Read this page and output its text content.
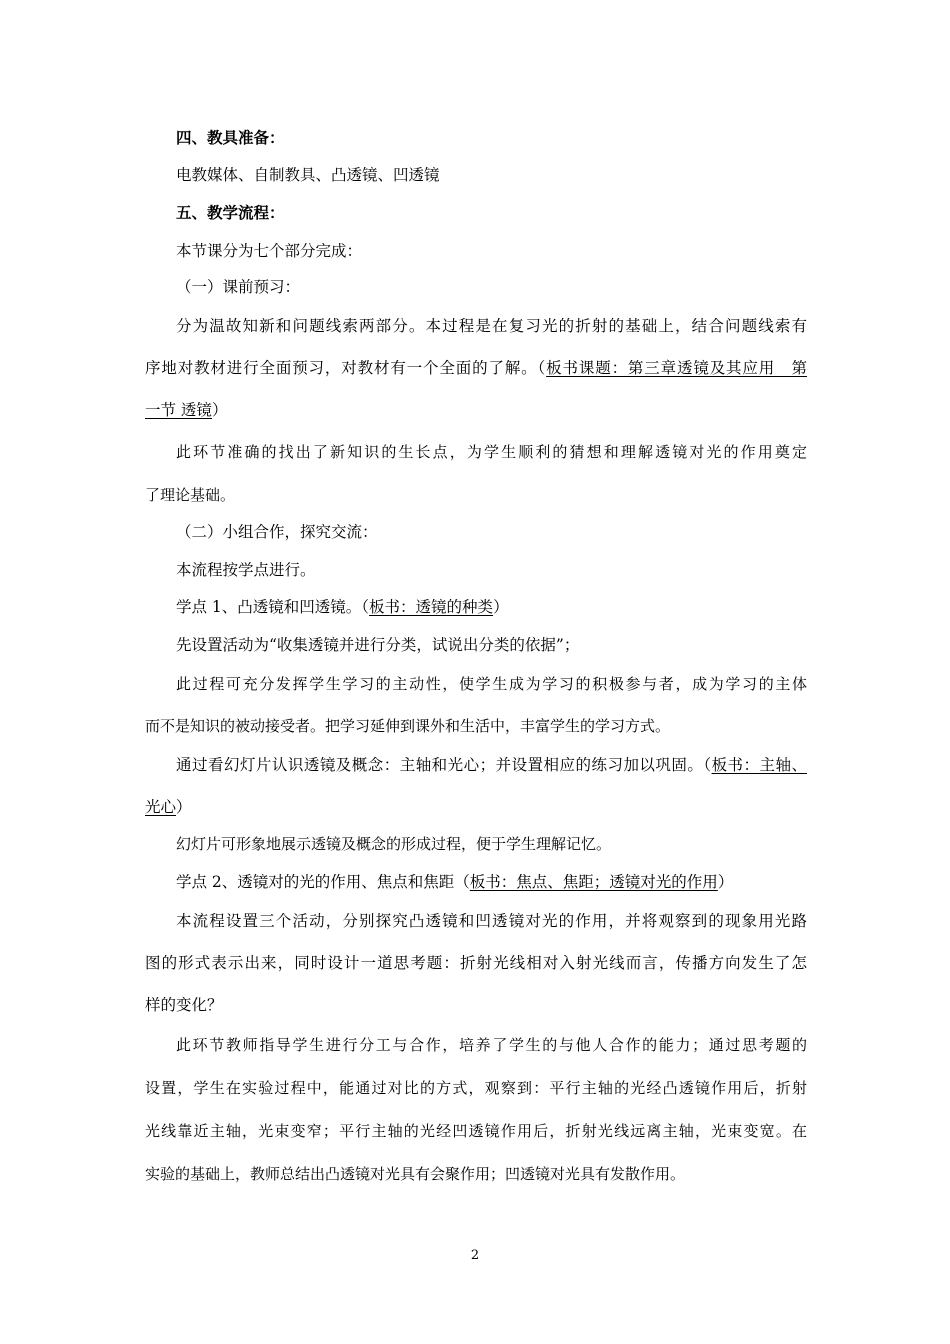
四、教具准备：
电教媒体、自制教具、凸透镜、凹透镜
五、教学流程：
本节课分为七个部分完成：
（一）课前预习：
分为温故知新和问题线索两部分。本过程是在复习光的折射的基础上，结合问题线索有
序地对教材进行全面预习，对教材有一个全面的了解。（板书课题：第三章透镜及其应用　第
一节 透镜）
此环节准确的找出了新知识的生长点，为学生顺利的猜想和理解透镜对光的作用奠定
了理论基础。
（二）小组合作，探究交流：
本流程按学点进行。
学点 1、凸透镜和凹透镜。（板书：透镜的种类）
先设置活动为“收集透镜并进行分类，试说出分类的依据”；
此过程可充分发挥学生学习的主动性，使学生成为学习的积极参与者，成为学习的主体
而不是知识的被动接受者。把学习延伸到课外和生活中，丰富学生的学习方式。
通过看幻灯片认识透镜及概念：主轴和光心；并设置相应的练习加以巩固。（板书：主轴、
光心）
幻灯片可形象地展示透镜及概念的形成过程，便于学生理解记忆。
学点 2、透镜对的光的作用、焦点和焦距（板书：焦点、焦距；透镜对光的作用）
本流程设置三个活动，分别探究凸透镜和凹透镜对光的作用，并将观察到的现象用光路
图的形式表示出来，同时设计一道思考题：折射光线相对入射光线而言，传播方向发生了怎
样的变化？
此环节教师指导学生进行分工与合作，培养了学生的与他人合作的能力；通过思考题的
设置，学生在实验过程中，能通过对比的方式，观察到：平行主轴的光经凸透镜作用后，折射
光线靠近主轴，光束变窄；平行主轴的光经凹透镜作用后，折射光线远离主轴，光束变宽。在
实验的基础上，教师总结出凸透镜对光具有会聚作用；凹透镜对光具有发散作用。
2
